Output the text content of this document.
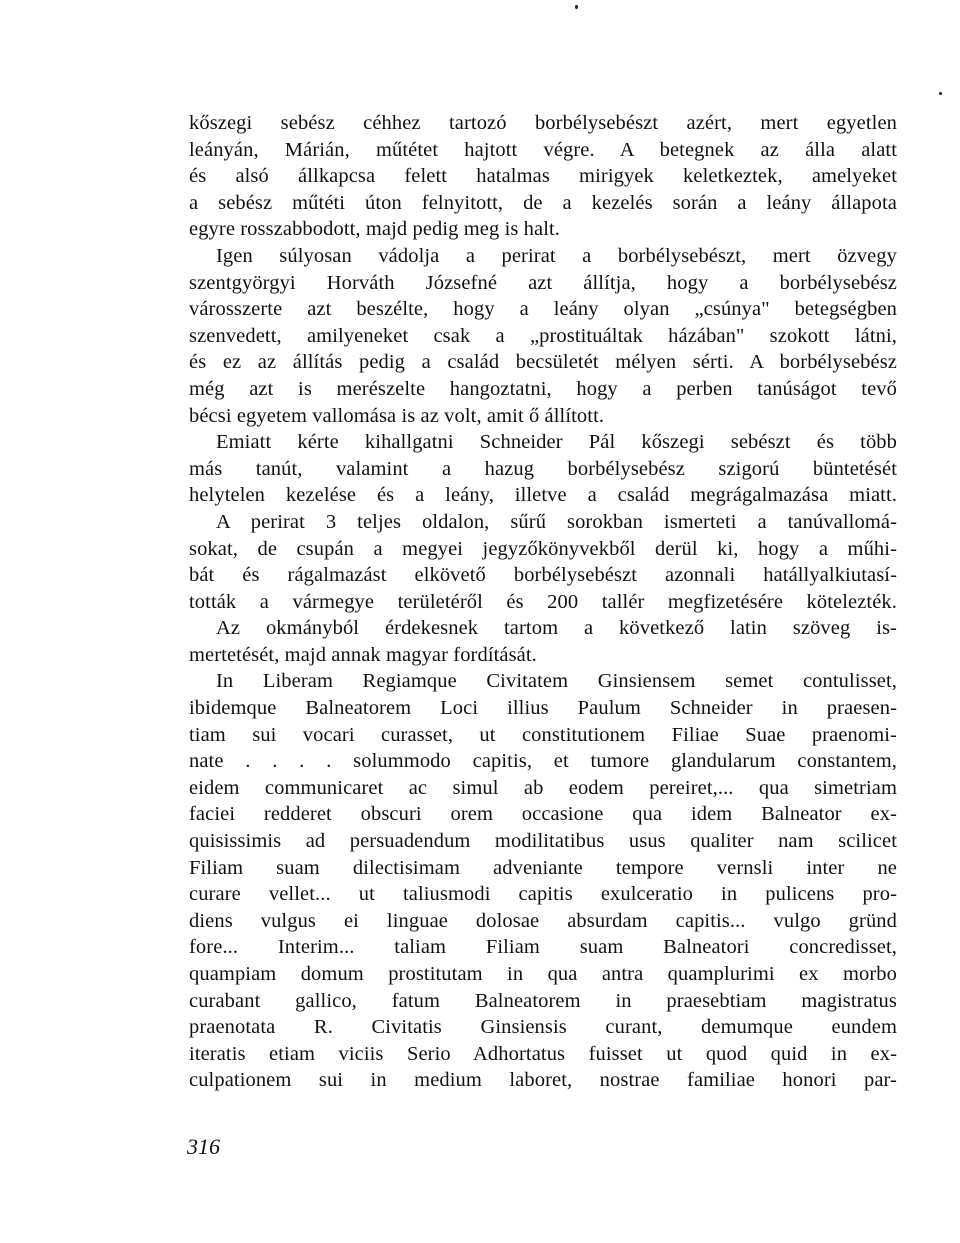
kőszegi sebész céhhez tartozó borbélysebészt azért, mert egyetlen
leányán, Márián, műtétet hajtott végre. A betegnek az álla alatt
és alsó állkapcsa felett hatalmas mirigyek keletkeztek, amelyeket
a sebész műtéti úton felnyitott, de a kezelés során a leány állapota
egyre rosszabbodott, majd pedig meg is halt.
Igen súlyosan vádolja a perirat a borbélysebészt, mert özvegy
szentgyörgyi Horváth Józsefné azt állítja, hogy a borbélysebész
városszerte azt beszélte, hogy a leány olyan „csúnya" betegségben
szenvedett, amilyeneket csak a „prostituáltak házában" szokott látni,
és ez az állítás pedig a család becsületét mélyen sérti. A borbélysebész
még azt is merészelte hangoztatni, hogy a perben tanúságot tevő
bécsi egyetem vallomása is az volt, amit ő állított.
Emiatt kérte kihallgatni Schneider Pál kőszegi sebészt és több
más tanút, valamint a hazug borbélysebész szigorú büntetését
helytelen kezelése és a leány, illetve a család megrágalmazása miatt.
A perirat 3 teljes oldalon, sűrű sorokban ismerteti a tanúvallomá-
sokat, de csupán a megyei jegyzőkönyvekből derül ki, hogy a műhi-
bát és rágalmazást elkövető borbélysebészt azonnali hatállyalkiutasí-
tották a vármegye területéről és 200 tallér megfizetésére kötelezték.
Az okmányból érdekesnek tartom a következő latin szöveg is-
mertetését, majd annak magyar fordítását.
In Liberam Regiamque Civitatem Ginsiensem semet contulisset,
ibidemque Balneatorem Loci illius Paulum Schneider in praesen-
tiam sui vocari curasset, ut constitutionem Filiae Suae praenomi-
nate . . . . solummodo capitis, et tumore glandularum constantem,
eidem communicaret ac simul ab eodem pereiret,... qua simetriam
faciei redderet obscuri orem occasione qua idem Balneator ex-
quisissimis ad persuadendum modilitatibus usus qualiter nam scilicet
Filiam suam dilectisimam adveniante tempore vernsli inter ne
curare vellet... ut taliusmodi capitis exulceratio in pulicens pro-
diens vulgus ei linguae dolosae absurdam capitis... vulgo gründ
fore... Interim... taliam Filiam suam Balneatori concredisset,
quampiam domum prostitutam in qua antra quamplurimi ex morbo
curabant gallico, fatum Balneatorem in praesebtiam magistratus
praenotata R. Civitatis Ginsiensis curant, demumque eundem
iteratis etiam viciis Serio Adhortatus fuisset ut quod quid in ex-
culpationem sui in medium laboret, nostrae familiae honori par-
316
